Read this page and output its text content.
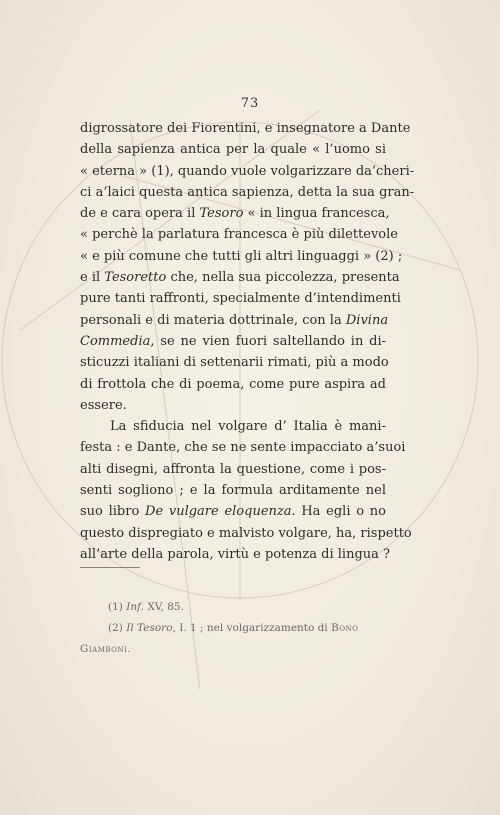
73
digrossatore dei Fiorentini, e insegnatore a Dante
della sapienza antica per la quale « l’uomo si
« eterna » (1), quando vuole volgarizzare da’cheri-
ci a’laici questa antica sapienza, detta la sua gran-
de e cara opera il Tesoro « in lingua francesca,
« perchè la parlatura francesca è più dilettevole
« e più comune che tutti gli altri linguaggi » (2) ;
e il Tesoretto che, nella sua piccolezza, presenta
pure tanti raffronti, specialmente d’intendimenti
personali e di materia dottrinale, con la Divina
Commedia, se ne vien fuori saltellando in di-
sticuzzi italiani di settenarii rimati, più a modo
di frottola che di poema, come pure aspira ad
essere.
La sfiducia nel volgare d’ Italia è mani-
festa : e Dante, che se ne sente impacciato a’suoi
alti disegni, affronta la questione, come i pos-
senti sogliono ; e la formula arditamente nel
suo libro De vulgare eloquenza. Ha egli o no
questo dispregiato e malvisto volgare, ha, rispetto
all’arte della parola, virtù e potenza di lingua ?
(1) Inf. XV, 85.
(2) Il Tesoro, I. 1 ; nel volgarizzamento di Bono
Giamboni.
